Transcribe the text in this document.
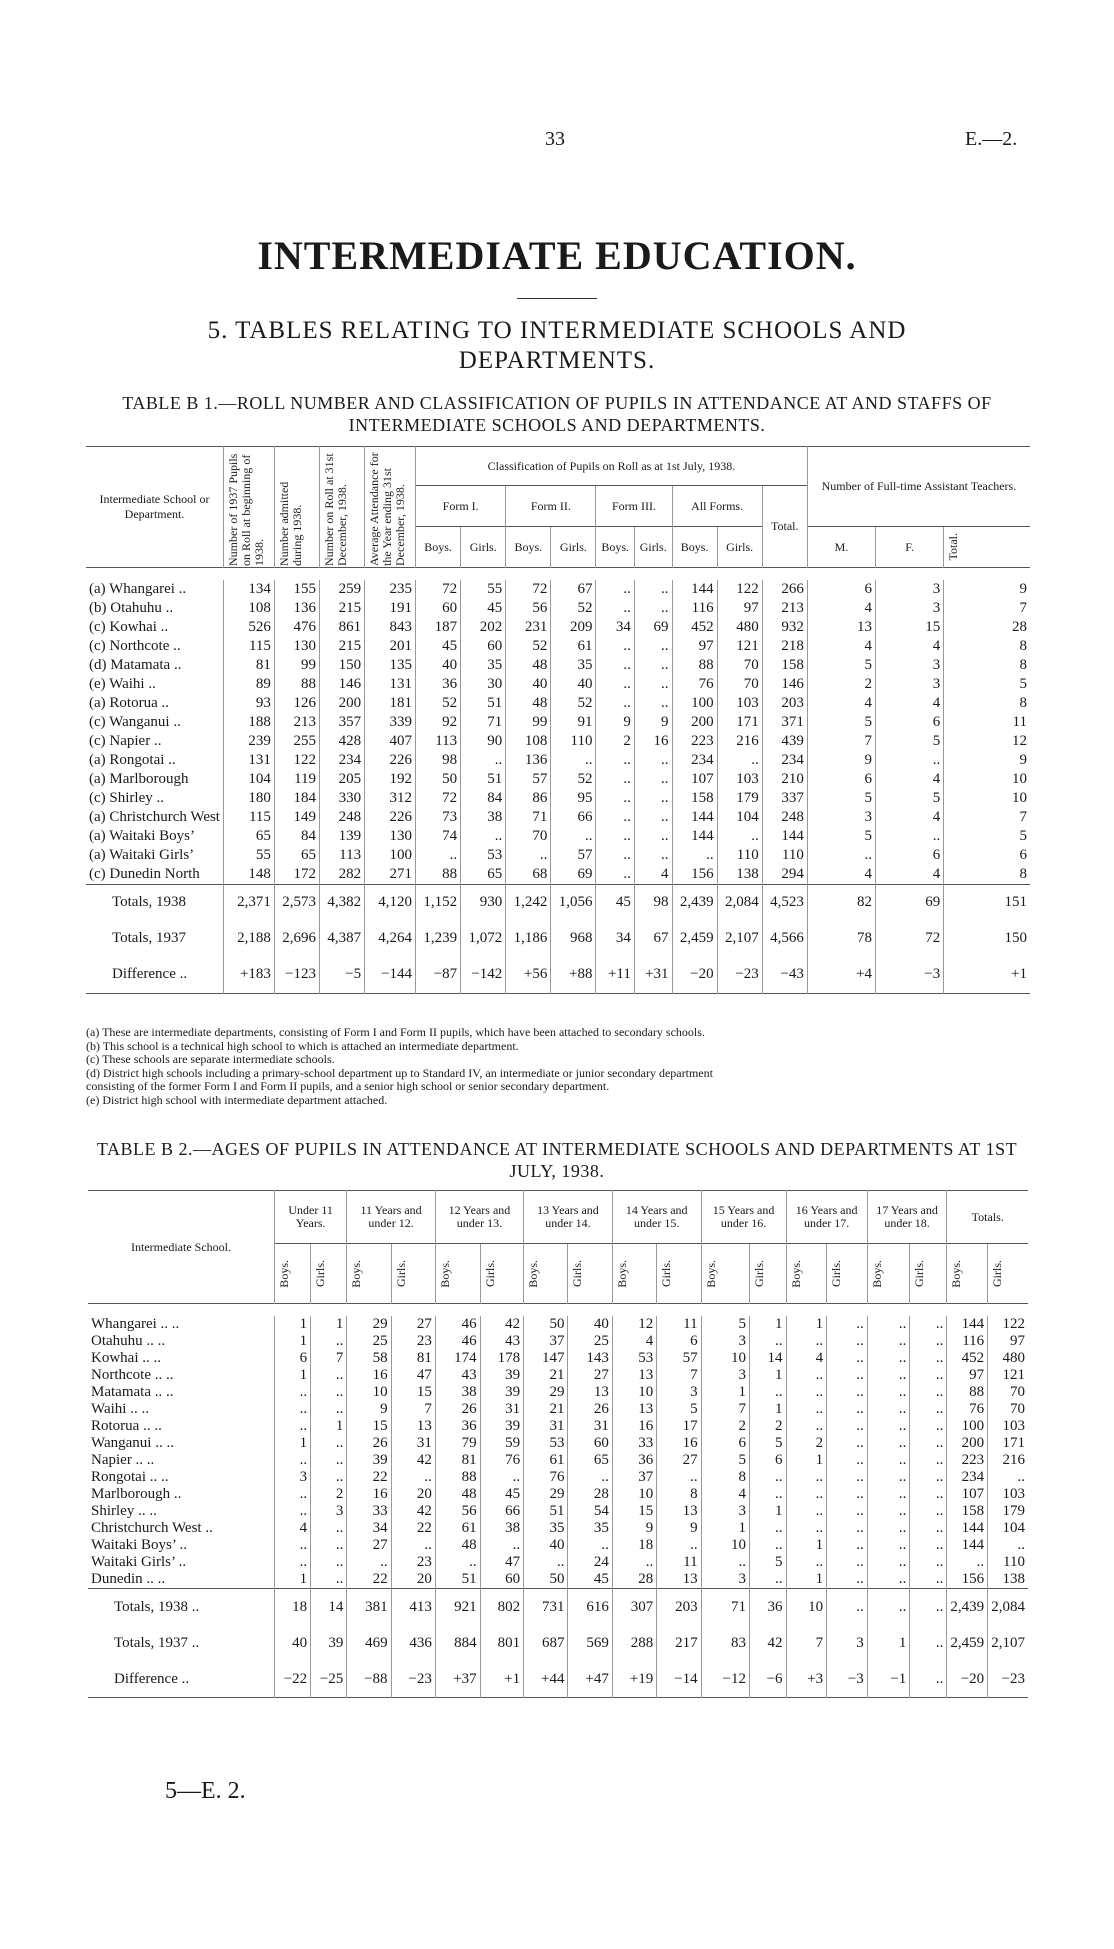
33	E.—2.
INTERMEDIATE EDUCATION.
5. TABLES RELATING TO INTERMEDIATE SCHOOLS AND DEPARTMENTS.
TABLE B 1.—ROLL NUMBER AND CLASSIFICATION OF PUPILS IN ATTENDANCE AT AND STAFFS OF INTERMEDIATE SCHOOLS AND DEPARTMENTS.
Intermediate School or Department.	Number of 1937 Pupils on Roll at beginning of 1938.	Number admitted during 1938.	Number on Roll at 31st December, 1938.	Average Attendance for the Year ending 31st December, 1938.	Classification of Pupils on Roll as at 1st July, 1938.									Number of Full-time Assistant Teachers.		
					Form I.		Form II.		Form III.		All Forms.		Total.			
					Boys.	Girls.	Boys.	Girls.	Boys.	Girls.	Boys.	Girls.		M.	F.	Total.

(a) Whangarei ..	134	155	259	235	72	55	72	67	..	..	144	122	266	6	3	9
(b) Otahuhu ..	108	136	215	191	60	45	56	52	..	..	116	97	213	4	3	7
(c) Kowhai ..	526	476	861	843	187	202	231	209	34	69	452	480	932	13	15	28
(c) Northcote ..	115	130	215	201	45	60	52	61	..	..	97	121	218	4	4	8
(d) Matamata ..	81	99	150	135	40	35	48	35	..	..	88	70	158	5	3	8
(e) Waihi ..	89	88	146	131	36	30	40	40	..	..	76	70	146	2	3	5
(a) Rotorua ..	93	126	200	181	52	51	48	52	..	..	100	103	203	4	4	8
(c) Wanganui ..	188	213	357	339	92	71	99	91	9	9	200	171	371	5	6	11
(c) Napier ..	239	255	428	407	113	90	108	110	2	16	223	216	439	7	5	12
(a) Rongotai ..	131	122	234	226	98	..	136	..	..	..	234	..	234	9	..	9
(a) Marlborough	104	119	205	192	50	51	57	52	..	..	107	103	210	6	4	10
(c) Shirley ..	180	184	330	312	72	84	86	95	..	..	158	179	337	5	5	10
(a) Christchurch West	115	149	248	226	73	38	71	66	..	..	144	104	248	3	4	7
(a) Waitaki Boys’	65	84	139	130	74	..	70	..	..	..	144	..	144	5	..	5
(a) Waitaki Girls’	55	65	113	100	..	53	..	57	..	..	..	110	110	..	6	6
(c) Dunedin North	148	172	282	271	88	65	68	69	..	4	156	138	294	4	4	8
Totals, 1938	2,371	2,573	4,382	4,120	1,152	930	1,242	1,056	45	98	2,439	2,084	4,523	82	69	151
Totals, 1937	2,188	2,696	4,387	4,264	1,239	1,072	1,186	968	34	67	2,459	2,107	4,566	78	72	150
Difference ..	+183	−123	−5	−144	−87	−142	+56	+88	+11	+31	−20	−23	−43	+4	−3	+1
(a) These are intermediate departments, consisting of Form I and Form II pupils, which have been attached to secondary schools.
(b) This school is a technical high school to which is attached an intermediate department.
(c) These schools are separate intermediate schools.
(d) District high schools including a primary-school department up to Standard IV, an intermediate or junior secondary department
consisting of the former Form I and Form II pupils, and a senior high school or senior secondary department.
(e) District high school with intermediate department attached.
TABLE B 2.—AGES OF PUPILS IN ATTENDANCE AT INTERMEDIATE SCHOOLS AND DEPARTMENTS AT 1ST JULY, 1938.
Intermediate School.	Under 11 Years.		11 Years and under 12.		12 Years and under 13.		13 Years and under 14.		14 Years and under 15.		15 Years and under 16.		16 Years and under 17.		17 Years and under 18.		Totals.	

	Boys.	Girls.	Boys.	Girls.	Boys.	Girls.	Boys.	Girls.	Boys.	Girls.	Boys.	Girls.	Boys.	Girls.	Boys.	Girls.	Boys.	Girls.

Whangarei .. ..	1	1	29	27	46	42	50	40	12	11	5	1	1	..	..	..	144	122
Otahuhu .. ..	1	..	25	23	46	43	37	25	4	6	3	..	..	..	..	..	116	97
Kowhai .. ..	6	7	58	81	174	178	147	143	53	57	10	14	4	..	..	..	452	480
Northcote .. ..	1	..	16	47	43	39	21	27	13	7	3	1	..	..	..	..	97	121
Matamata .. ..	..	..	10	15	38	39	29	13	10	3	1	..	..	..	..	..	88	70
Waihi .. ..	..	..	9	7	26	31	21	26	13	5	7	1	..	..	..	..	76	70
Rotorua .. ..	..	1	15	13	36	39	31	31	16	17	2	2	..	..	..	..	100	103
Wanganui .. ..	1	..	26	31	79	59	53	60	33	16	6	5	2	..	..	..	200	171
Napier .. ..	..	..	39	42	81	76	61	65	36	27	5	6	1	..	..	..	223	216
Rongotai .. ..	3	..	22	..	88	..	76	..	37	..	8	..	..	..	..	..	234	..
Marlborough ..	..	2	16	20	48	45	29	28	10	8	4	..	..	..	..	..	107	103
Shirley .. ..	..	3	33	42	56	66	51	54	15	13	3	1	..	..	..	..	158	179
Christchurch West ..	4	..	34	22	61	38	35	35	9	9	1	..	..	..	..	..	144	104
Waitaki Boys’ ..	..	..	27	..	48	..	40	..	18	..	10	..	1	..	..	..	144	..
Waitaki Girls’ ..	..	..	..	23	..	47	..	24	..	11	..	5	..	..	..	..	..	110
Dunedin .. ..	1	..	22	20	51	60	50	45	28	13	3	..	1	..	..	..	156	138
Totals, 1938 ..	18	14	381	413	921	802	731	616	307	203	71	36	10	..	..	..	2,439	2,084
Totals, 1937 ..	40	39	469	436	884	801	687	569	288	217	83	42	7	3	1	..	2,459	2,107
Difference ..	−22	−25	−88	−23	+37	+1	+44	+47	+19	−14	−12	−6	+3	−3	−1	..	−20	−23
5—E. 2.
